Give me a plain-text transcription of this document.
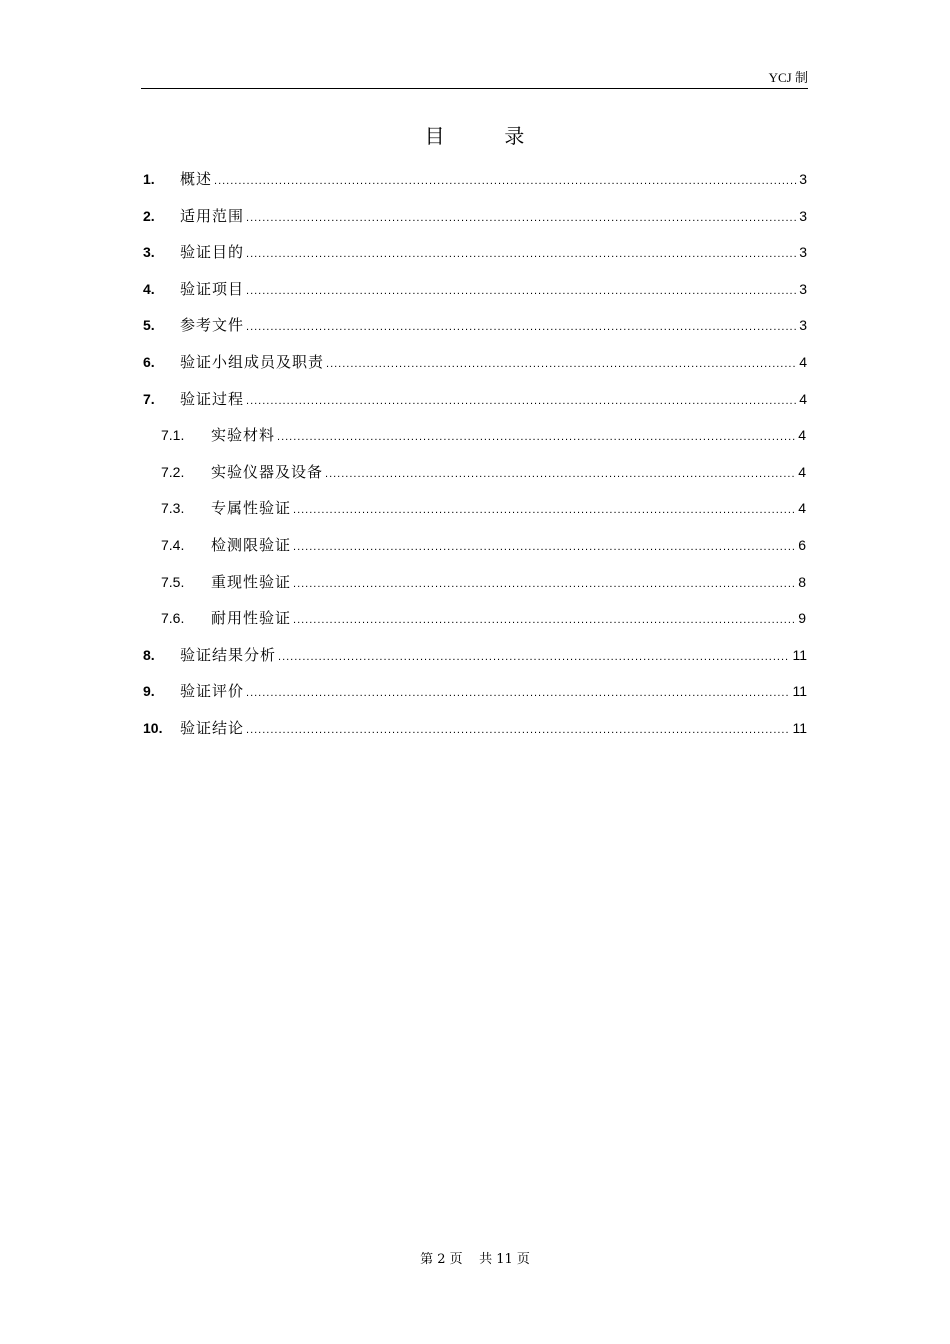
YCJ 制
目        录
1.	概述 .....	3
2.	适用范围 .....	3
3.	验证目的 .....	3
4.	验证项目 .....	3
5.	参考文件 .....	3
6.	验证小组成员及职责 .....	4
7.	验证过程 .....	4
7.1.	实验材料 .....	4
7.2.	实验仪器及设备 .....	4
7.3.	专属性验证 .....	4
7.4.	检测限验证 .....	6
7.5.	重现性验证 .....	8
7.6.	耐用性验证 .....	9
8.	验证结果分析 .....	11
9.	验证评价 .....	11
10.	验证结论 .....	11
第 2 页    共 11 页
